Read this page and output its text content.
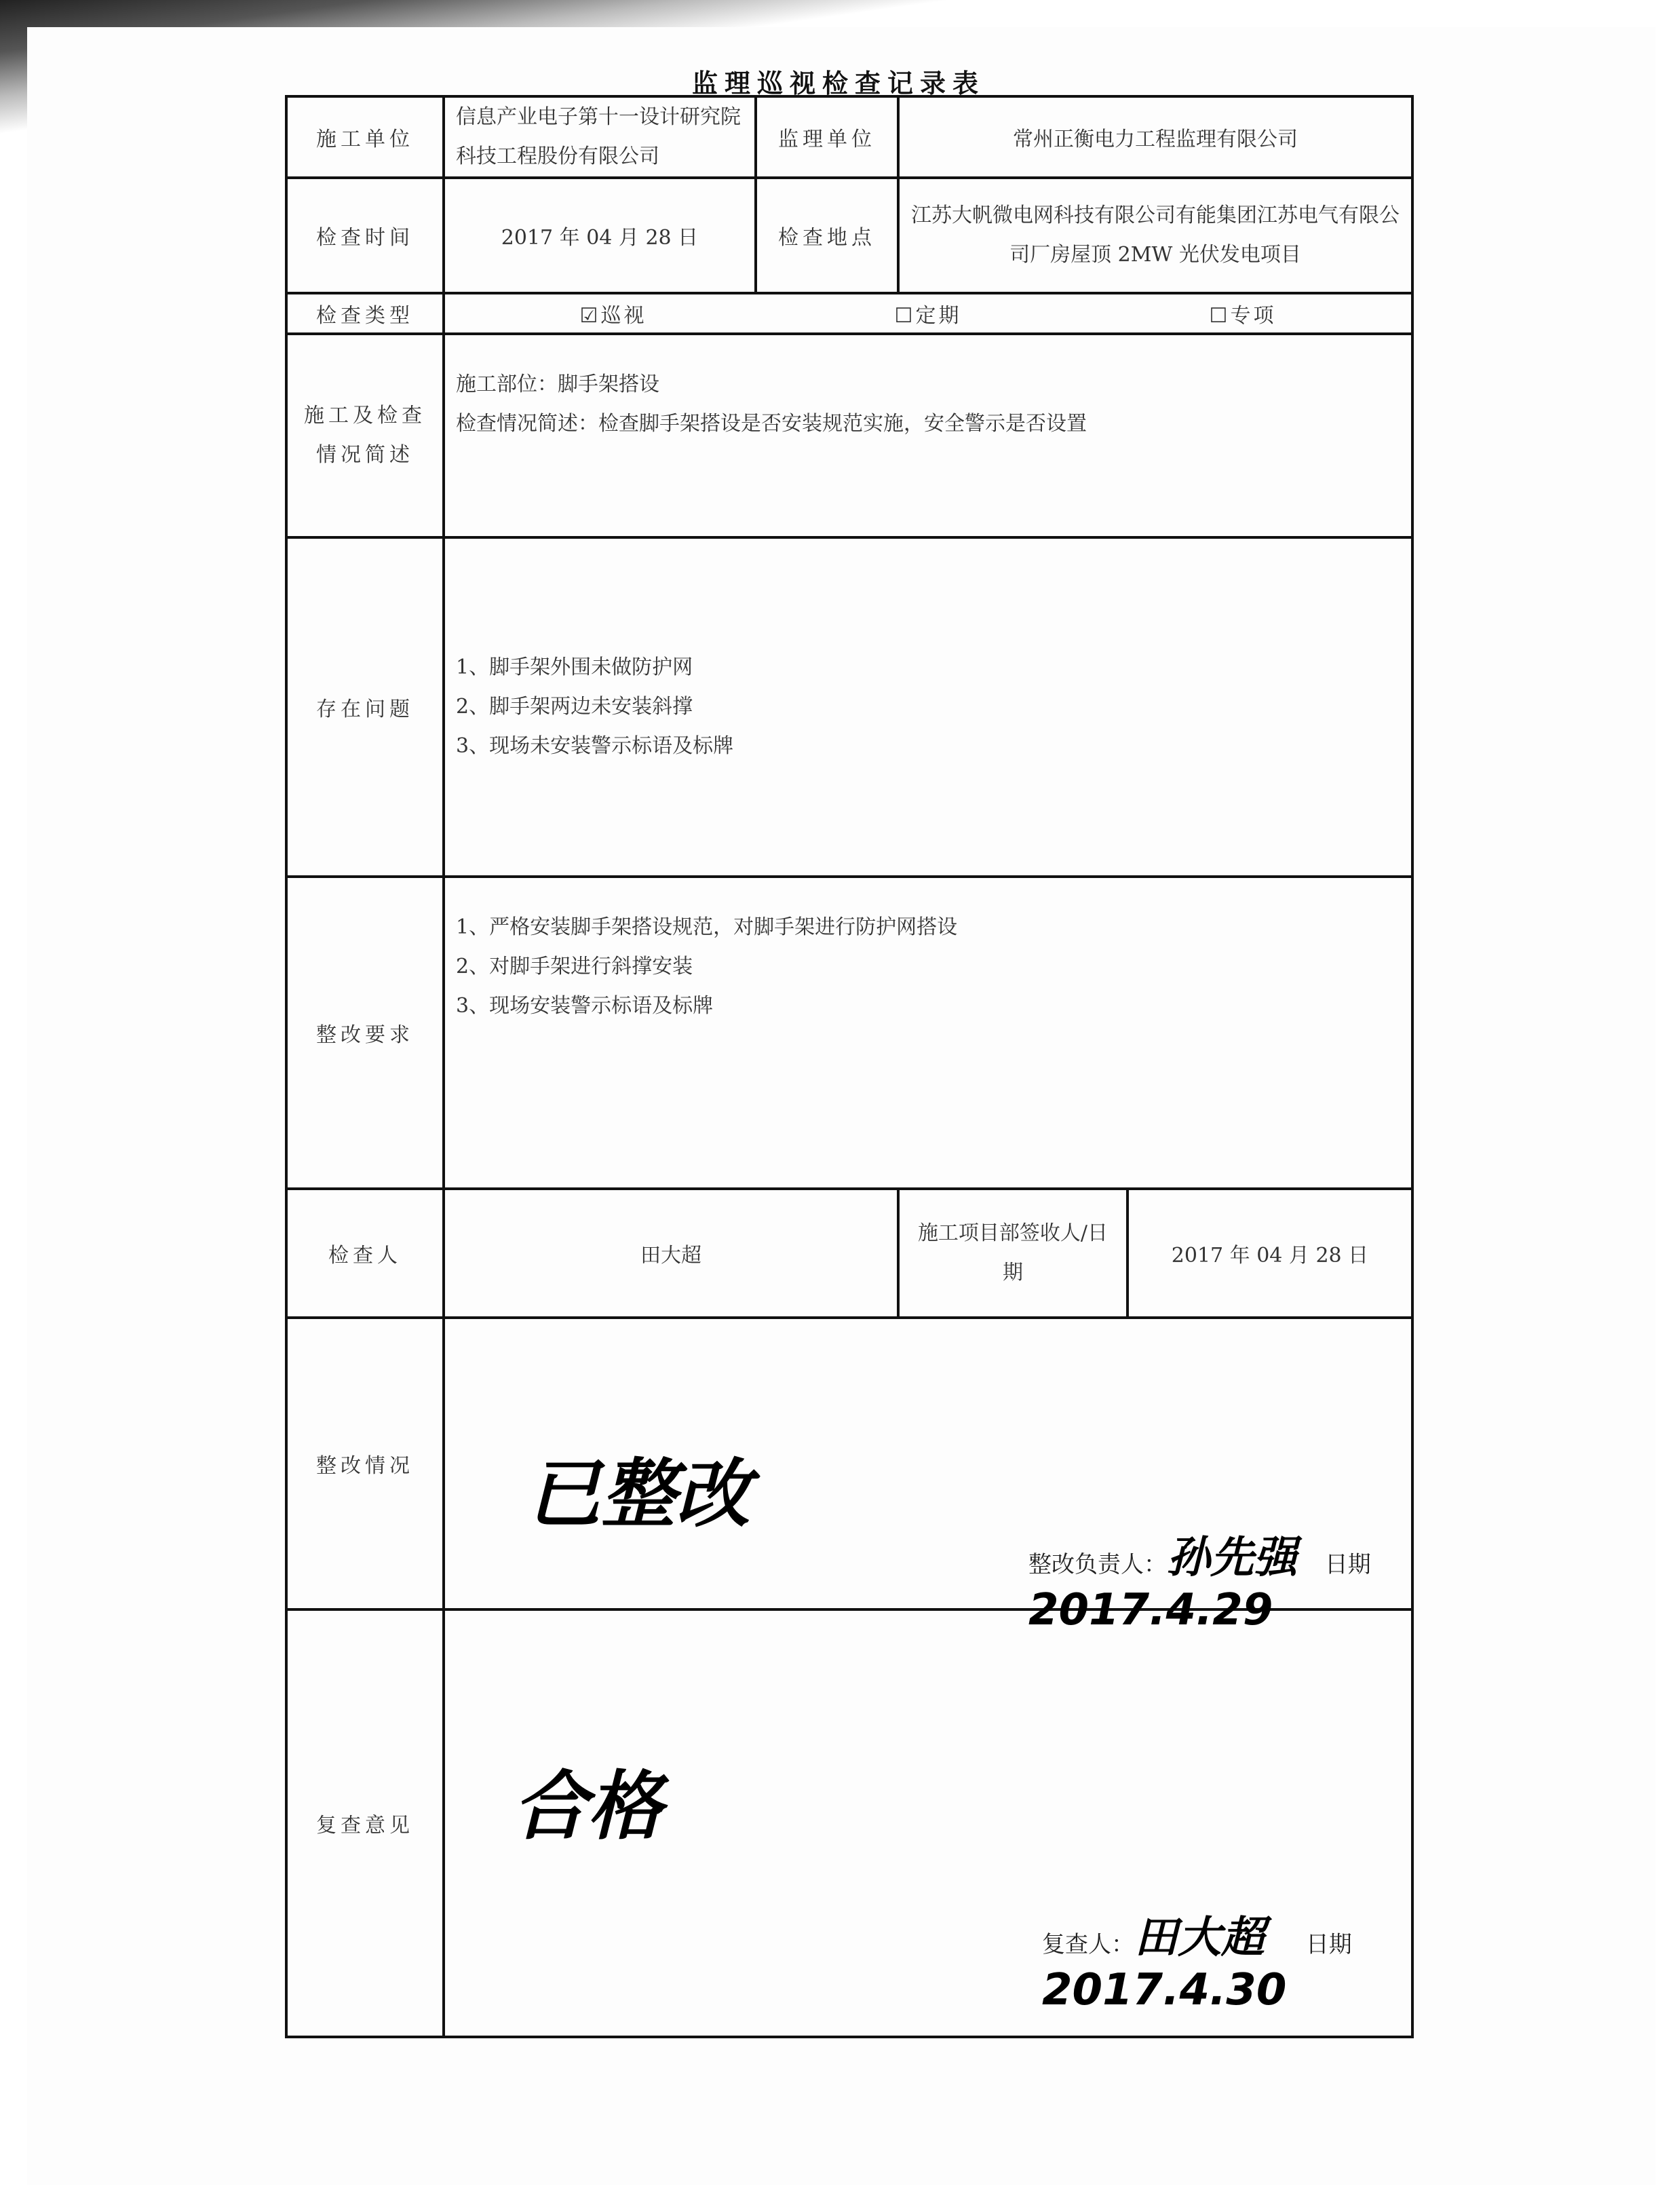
监理巡视检查记录表
施工单位	信息产业电子第十一设计研究院科技工程股份有限公司	监理单位	常州正衡电力工程监理有限公司	
检查时间	2017 年 04 月 28 日	检查地点	江苏大帆微电网科技有限公司有能集团江苏电气有限公司厂房屋顶 2MW 光伏发电项目	
检查类型	☑巡视 ☐定期 ☐专项			

施工及检查情况简述	施工部位：脚手架搭设
检查情况简述：检查脚手架搭设是否安装规范实施，安全警示是否设置			

存在问题	1、脚手架外围未做防护网
2、脚手架两边未安装斜撑
3、现场未安装警示标语及标牌			

整改要求	1、严格安装脚手架搭设规范，对脚手架进行防护网搭设
2、对脚手架进行斜撑安装
3、现场安装警示标语及标牌			

检查人	田大超		施工项目部签收人/日期	2017 年 04 月 28 日
整改情况	已整改
整改负责人：孙先强 日期 2017.4.29			

复查意见	合格
复查人：田大超 日期 2017.4.30			
